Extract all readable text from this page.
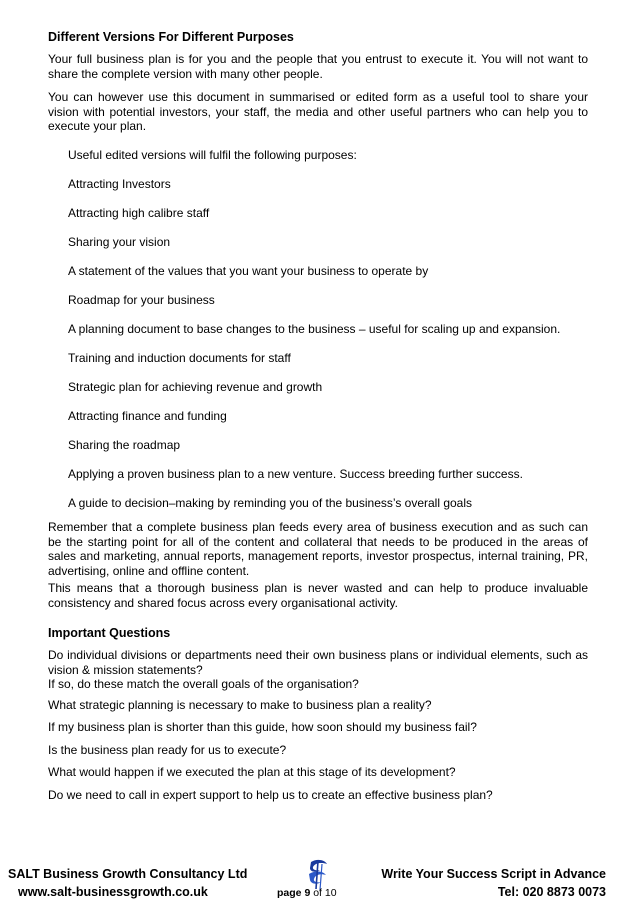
Different Versions For Different Purposes

Your full business plan is for you and the people that you entrust to execute it. You will not want to share the complete version with many other people.

You can however use this document in summarised or edited form as a useful tool to share your vision with potential investors, your staff, the media and other useful partners who can help you to execute your plan.

Useful edited versions will fulfil the following purposes:

Attracting Investors
Attracting high calibre staff
Sharing your vision
A statement of the values that you want your business to operate by
Roadmap for your business
A planning document to base changes to the business – useful for scaling up and expansion.
Training and induction documents for staff
Strategic plan for achieving revenue and growth
Attracting finance and funding
Sharing the roadmap
Applying a proven business plan to a new venture. Success breeding further success.
A guide to decision–making by reminding you of the business’s overall goals

Remember that a complete business plan feeds every area of business execution and as such can be the starting point for all of the content and collateral that needs to be produced in the areas of sales and marketing, annual reports, management reports, investor prospectus, internal training, PR, advertising, online and offline content.

This means that a thorough business plan is never wasted and can help to produce invaluable consistency and shared focus across every organisational activity.

Important Questions

Do individual divisions or departments need their own business plans or individual elements, such as vision & mission statements?
If so, do these match the overall goals of the organisation?

What strategic planning is necessary to make to business plan a reality?

If my business plan is shorter than this guide, how soon should my business fail?

Is the business plan ready for us to execute?

What would happen if we executed the plan at this stage of its development?

Do we need to call in expert support to help us to create an effective business plan?

SALT Business Growth Consultancy Ltd
www.salt-businessgrowth.co.uk	page 9 of 10
Write Your Success Script in Advance
Tel: 020 8873 0073
